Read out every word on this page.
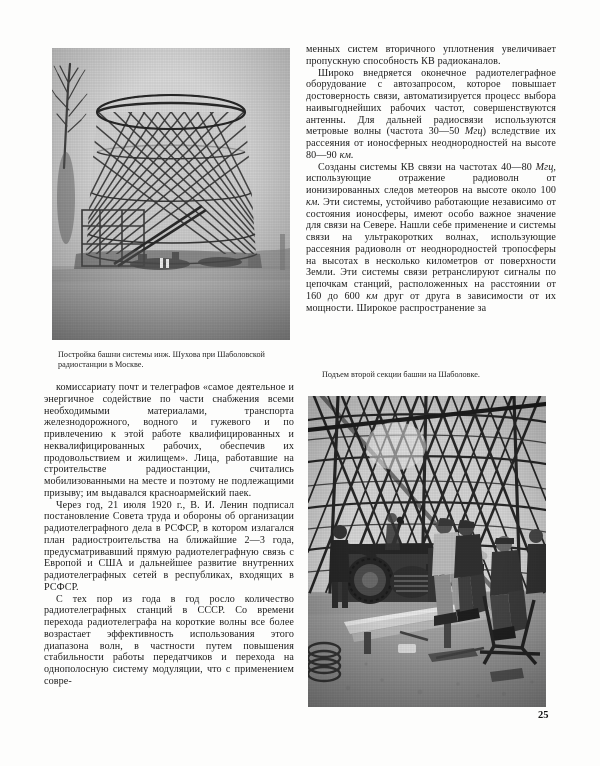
Постройка башни системы инж. Шухова при Шаболовской радиостанции в Москве.

комиссариату почт и телеграфов «самое деятельное и энергичное содействие по части снабжения всеми необходимыми материалами, транспорта железнодорожного, водного и гужевого и по привлечению к этой работе квалифицированных и неквалифицированных рабочих, обеспечив их продовольствием и жилищем». Лица, работавшие на строительстве радиостанции, считались мобилизованными на месте и поэтому не подлежащими призыву; им выдавался красноармейский паек.

Через год, 21 июля 1920 г., В. И. Ленин подписал постановление Совета труда и обороны об организации радиотелеграфного дела в РСФСР, в котором излагался план радиостроительства на ближайшие 2—3 года, предусматривавший прямую радиотелеграфную связь с Европой и США и дальнейшее развитие внутренних радиотелеграфных сетей в республиках, входящих в РСФСР.

С тех пор из года в год росло количество радиотелеграфных станций в СССР. Со времени перехода радиотелеграфа на короткие волны все более возрастает эффективность использования этого диапазона волн, в частности путем повышения стабильности работы передатчиков и перехода на однополосную систему модуляции, что с применением совре-

менных систем вторичного уплотнения увеличивает пропускную способность КВ радиоканалов.

Широко внедряется оконечное радиотелеграфное оборудование с автозапросом, которое повышает достоверность связи, автоматизируется процесс выбора наивыгоднейших рабочих частот, совершенствуются антенны. Для дальней радиосвязи используются метровые волны (частота 30—50 Мгц) вследствие их рассеяния от ионосферных неоднородностей на высоте 80—90 км.

Созданы системы КВ связи на частотах 40—80 Мгц, использующие отражение радиоволн от ионизированных следов метеоров на высоте около 100 км. Эти системы, устойчиво работающие независимо от состояния ионосферы, имеют особо важное значение для связи на Севере. Нашли себе применение и системы связи на ультракоротких волнах, использующие рассеяния радиоволн от неоднородностей тропосферы на высотах в несколько километров от поверхности Земли. Эти системы связи ретранслируют сигналы по цепочкам станций, расположенных на расстоянии от 160 до 600 км друг от друга в зависимости от их мощности. Широкое распространение за

Подъем второй секции башни на Шаболовке.

25
